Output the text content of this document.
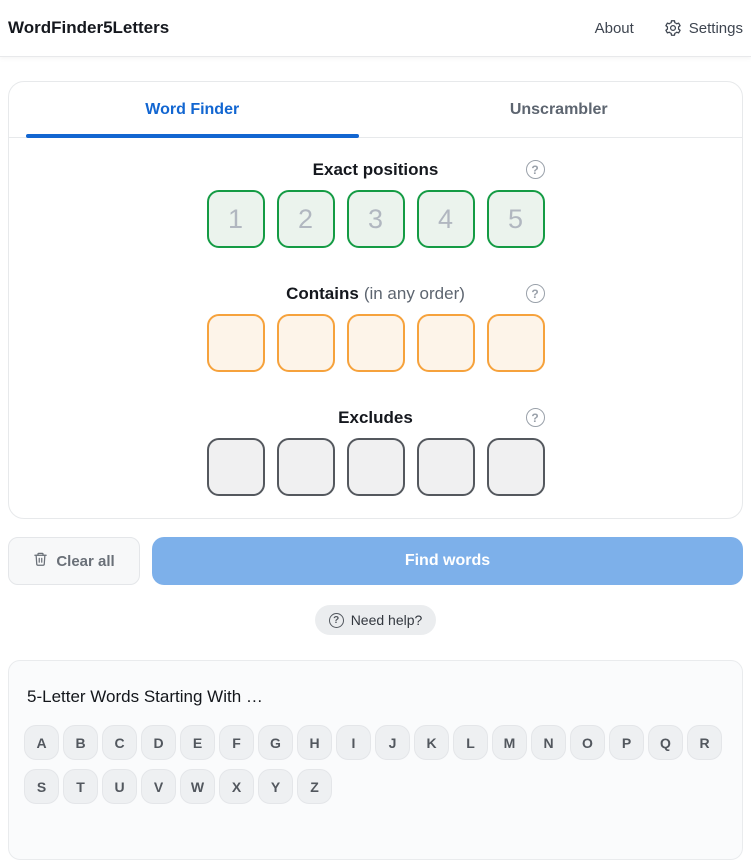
WordFinder5Letters	About	Settings
Word Finder	Unscrambler
Exact positions	?
1
2
3
4
5
Contains (in any order)	?
Excludes	?
Clear all	Find words
? Need help?
5-Letter Words Starting With …
A	B	C	D	E	F	G	H	I	J	K	L	M	N	O	P	Q	R
S	T	U	V	W	X	Y	Z
